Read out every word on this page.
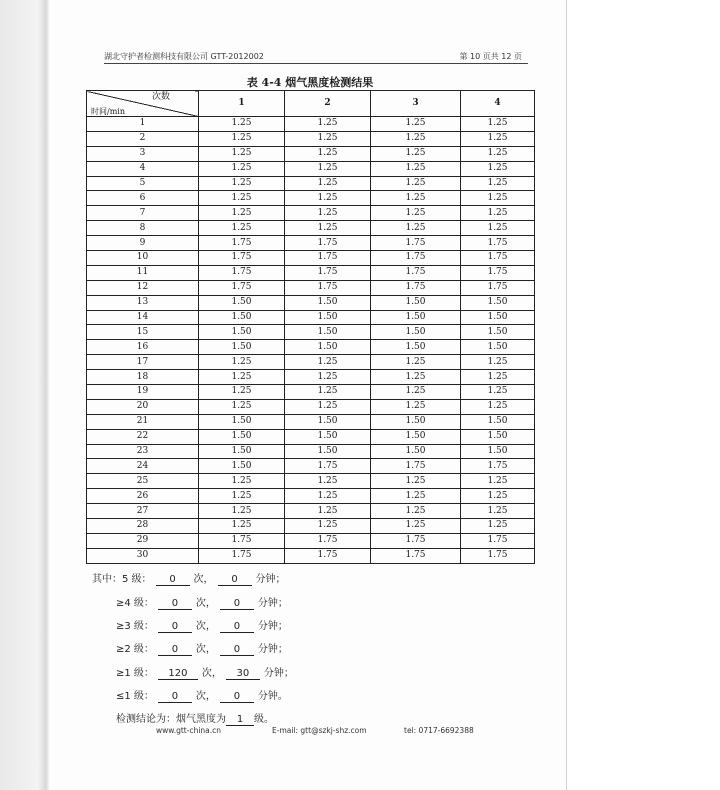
湖北守护者检测科技有限公司 GTT-2012002	第 10 页共 12 页
表 4-4 烟气黑度检测结果
次数
时间/min	1	2	3	4
1	1.25	1.25	1.25	1.25
2	1.25	1.25	1.25	1.25
3	1.25	1.25	1.25	1.25
4	1.25	1.25	1.25	1.25
5	1.25	1.25	1.25	1.25
6	1.25	1.25	1.25	1.25
7	1.25	1.25	1.25	1.25
8	1.25	1.25	1.25	1.25
9	1.75	1.75	1.75	1.75
10	1.75	1.75	1.75	1.75
11	1.75	1.75	1.75	1.75
12	1.75	1.75	1.75	1.75
13	1.50	1.50	1.50	1.50
14	1.50	1.50	1.50	1.50
15	1.50	1.50	1.50	1.50
16	1.50	1.50	1.50	1.50
17	1.25	1.25	1.25	1.25
18	1.25	1.25	1.25	1.25
19	1.25	1.25	1.25	1.25
20	1.25	1.25	1.25	1.25
21	1.50	1.50	1.50	1.50
22	1.50	1.50	1.50	1.50
23	1.50	1.50	1.50	1.50
24	1.50	1.75	1.75	1.75
25	1.25	1.25	1.25	1.25
26	1.25	1.25	1.25	1.25
27	1.25	1.25	1.25	1.25
28	1.25	1.25	1.25	1.25
29	1.75	1.75	1.75	1.75
30	1.75	1.75	1.75	1.75
其中：5 级： 0 次， 0 分钟；
≥4 级： 0 次， 0 分钟；
≥3 级： 0 次， 0 分钟；
≥2 级： 0 次， 0 分钟；
≥1 级： 120 次， 30 分钟；
≤1 级： 0 次， 0 分钟。
检测结论为：烟气黑度为 1 级。
www.gtt-china.cn	E-mail: gtt@szkj-shz.com	tel: 0717-6692388
